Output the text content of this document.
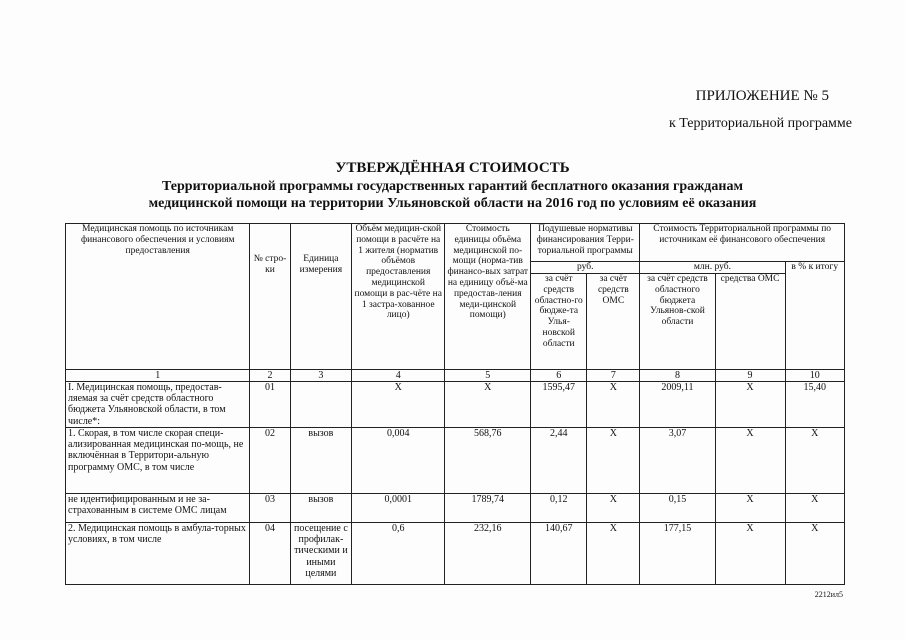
ПРИЛОЖЕНИЕ № 5
к Территориальной программе
УТВЕРЖДЁННАЯ СТОИМОСТЬ
Территориальной программы государственных гарантий бесплатного оказания гражданам
медицинской помощи на территории Ульяновской области на 2016 год по условиям её оказания
Медицинская помощь по источникам финансового обеспечения и условиям предоставления	№ стро-ки	Единица измерения	Объём медицин-ской помощи в расчёте на 1 жителя (норматив объёмов предоставления медицинской помощи в рас-чёте на 1 застра-хованное лицо)	Стоимость единицы объёма медицинской по-мощи (норма-тив финансо-вых затрат на единицу объё-ма предостав-ления меди-цинской помощи)	Подушевые нормативы финансирования Терри-ториальной программы		Стоимость Территориальной программы по источникам её финансового обеспечения		
					руб.		млн. руб.		в % к итогу
					за счёт средств областно-го бюдже-та Улья-новской области	за счёт средств ОМС	за счёт средств областного бюджета Ульянов-ской области	средства ОМС	
1	2	3	4	5	6	7	8	9	10
I. Медицинская помощь, предостав-ляемая за счёт средств областного бюджета Ульяновской области, в том числе*:	01		X	X	1595,47	X	2009,11	X	15,40
1. Скорая, в том числе скорая специ-ализированная медицинская по-мощь, не включённая в Территори-альную программу ОМС, в том числе	02	вызов	0,004	568,76	2,44	X	3,07	X	X
не идентифицированным и не за-страхованным в системе ОМС лицам	03	вызов	0,0001	1789,74	0,12	X	0,15	X	X
2. Медицинская помощь в амбула-торных условиях, в том числе	04	посещение с профилак-тическими и иными целями	0,6	232,16	140,67	X	177,15	X	X
2212ил5
